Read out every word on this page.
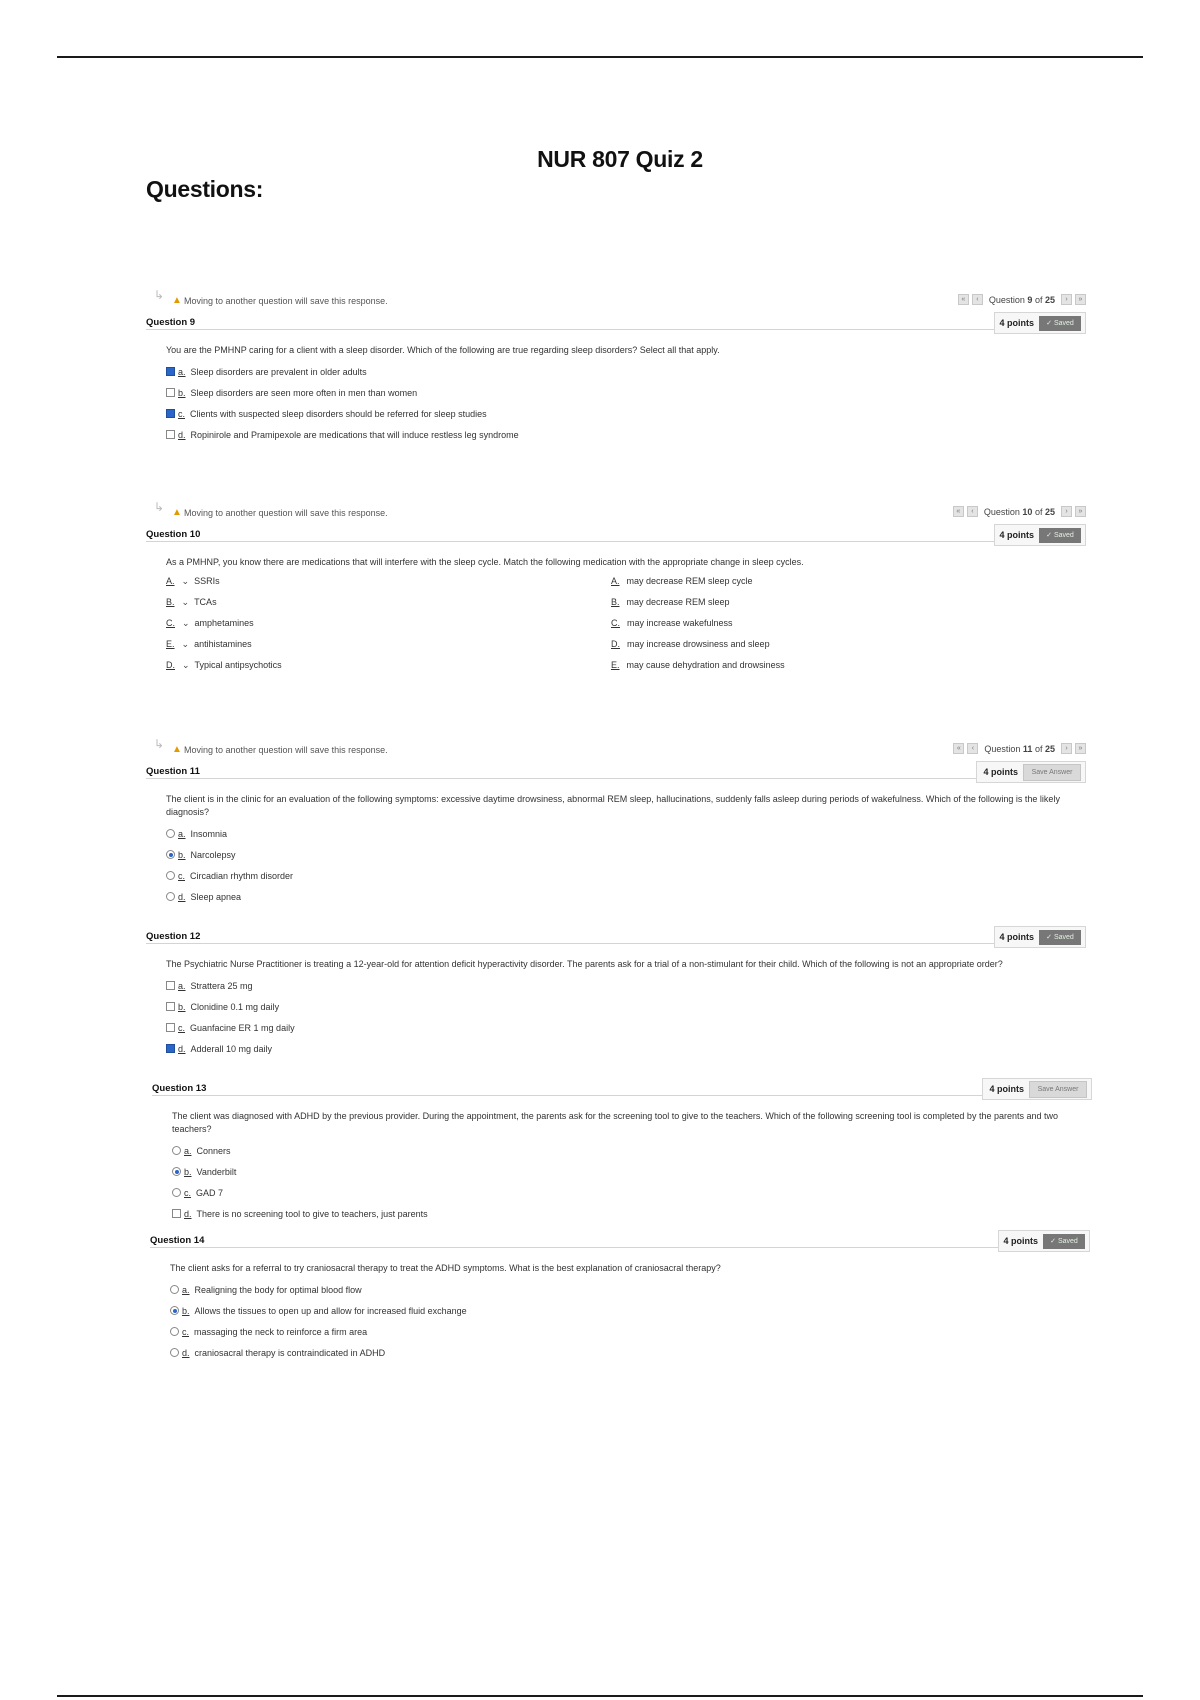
NUR 807 Quiz 2
Questions:
↳ ▲ Moving to another question will save this response.	«	‹	Question 9 of 25	›	»
Question 9	4 points	✓ Saved
You are the PMHNP caring for a client with a sleep disorder. Which of the following are true regarding sleep disorders? Select all that apply.
a. Sleep disorders are prevalent in older adults
b. Sleep disorders are seen more often in men than women
c. Clients with suspected sleep disorders should be referred for sleep studies
d. Ropinirole and Pramipexole are medications that will induce restless leg syndrome
↳ ▲ Moving to another question will save this response.	«	‹	Question 10 of 25	›	»
Question 10	4 points	✓ Saved
As a PMHNP, you know there are medications that will interfere with the sleep cycle. Match the following medication with the appropriate change in sleep cycles.
A. ⌄ SSRIs	A. may decrease REM sleep cycle
B. ⌄ TCAs	B. may decrease REM sleep
C. ⌄ amphetamines	C. may increase wakefulness
E. ⌄ antihistamines	D. may increase drowsiness and sleep
D. ⌄ Typical antipsychotics	E. may cause dehydration and drowsiness
↳ ▲ Moving to another question will save this response.	«	‹	Question 11 of 25	›	»
Question 11	4 points	Save Answer
The client is in the clinic for an evaluation of the following symptoms: excessive daytime drowsiness, abnormal REM sleep, hallucinations, suddenly falls asleep during periods of wakefulness. Which of the following is the likely diagnosis?
a. Insomnia
b. Narcolepsy
c. Circadian rhythm disorder
d. Sleep apnea
Question 12	4 points	✓ Saved
The Psychiatric Nurse Practitioner is treating a 12-year-old for attention deficit hyperactivity disorder. The parents ask for a trial of a non-stimulant for their child. Which of the following is not an appropriate order?
a. Strattera 25 mg
b. Clonidine 0.1 mg daily
c. Guanfacine ER 1 mg daily
d. Adderall 10 mg daily
Question 13	4 points	Save Answer
The client was diagnosed with ADHD by the previous provider. During the appointment, the parents ask for the screening tool to give to the teachers. Which of the following screening tool is completed by the parents and two teachers?
a. Conners
b. Vanderbilt
c. GAD 7
d. There is no screening tool to give to teachers, just parents
Question 14	4 points	✓ Saved
The client asks for a referral to try craniosacral therapy to treat the ADHD symptoms. What is the best explanation of craniosacral therapy?
a. Realigning the body for optimal blood flow
b. Allows the tissues to open up and allow for increased fluid exchange
c. massaging the neck to reinforce a firm area
d. craniosacral therapy is contraindicated in ADHD
